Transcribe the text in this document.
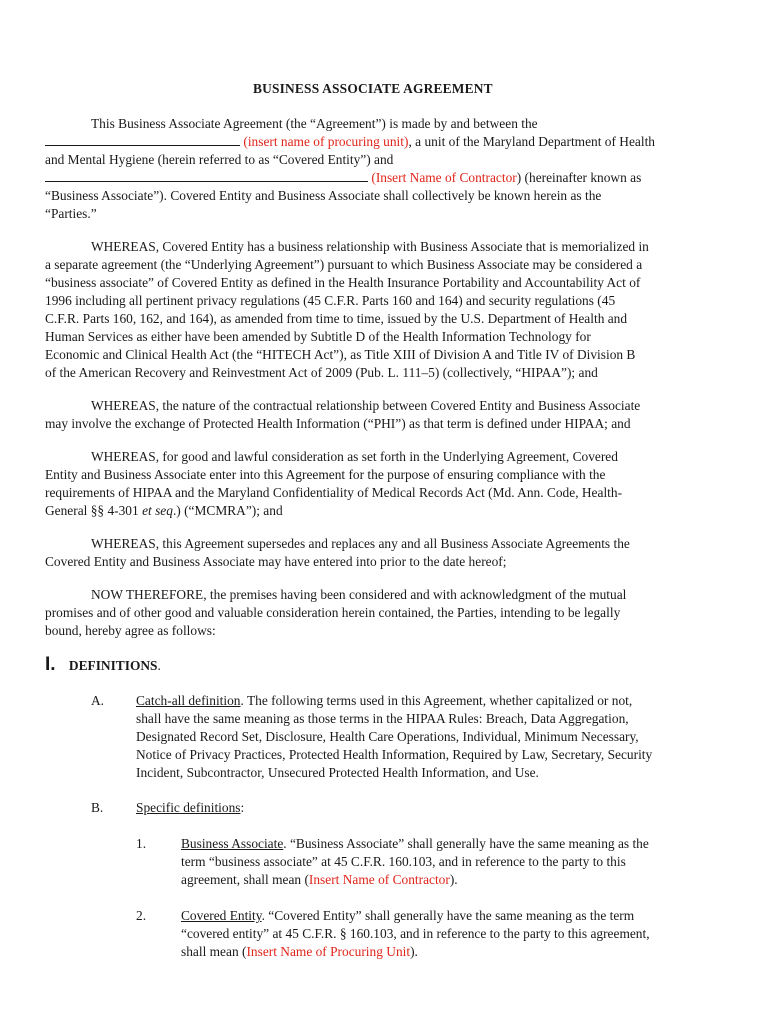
BUSINESS ASSOCIATE AGREEMENT
This Business Associate Agreement (the “Agreement”) is made by and between the
(insert name of procuring unit), a unit of the Maryland Department of Health
and Mental Hygiene (herein referred to as “Covered Entity”) and
(Insert Name of Contractor) (hereinafter known as
“Business Associate”). Covered Entity and Business Associate shall collectively be known herein as the
“Parties.”
WHEREAS, Covered Entity has a business relationship with Business Associate that is memorialized in
a separate agreement (the “Underlying Agreement”) pursuant to which Business Associate may be considered a
“business associate” of Covered Entity as defined in the Health Insurance Portability and Accountability Act of
1996 including all pertinent privacy regulations (45 C.F.R. Parts 160 and 164) and security regulations (45
C.F.R. Parts 160, 162, and 164), as amended from time to time, issued by the U.S. Department of Health and
Human Services as either have been amended by Subtitle D of the Health Information Technology for
Economic and Clinical Health Act (the “HITECH Act”), as Title XIII of Division A and Title IV of Division B
of the American Recovery and Reinvestment Act of 2009 (Pub. L. 111–5) (collectively, “HIPAA”); and
WHEREAS, the nature of the contractual relationship between Covered Entity and Business Associate
may involve the exchange of Protected Health Information (“PHI”) as that term is defined under HIPAA; and
WHEREAS, for good and lawful consideration as set forth in the Underlying Agreement, Covered
Entity and Business Associate enter into this Agreement for the purpose of ensuring compliance with the
requirements of HIPAA and the Maryland Confidentiality of Medical Records Act (Md. Ann. Code, Health-
General §§ 4-301 et seq.) (“MCMRA”); and
WHEREAS, this Agreement supersedes and replaces any and all Business Associate Agreements the
Covered Entity and Business Associate may have entered into prior to the date hereof;
NOW THEREFORE, the premises having been considered and with acknowledgment of the mutual
promises and of other good and valuable consideration herein contained, the Parties, intending to be legally
bound, hereby agree as follows:
I. DEFINITIONS.
A. Catch-all definition. The following terms used in this Agreement, whether capitalized or not,
shall have the same meaning as those terms in the HIPAA Rules: Breach, Data Aggregation,
Designated Record Set, Disclosure, Health Care Operations, Individual, Minimum Necessary,
Notice of Privacy Practices, Protected Health Information, Required by Law, Secretary, Security
Incident, Subcontractor, Unsecured Protected Health Information, and Use.
B. Specific definitions:
1.	Business Associate. “Business Associate” shall generally have the same meaning as the
term “business associate” at 45 C.F.R. 160.103, and in reference to the party to this
agreement, shall mean (Insert Name of Contractor).
2.	Covered Entity. “Covered Entity” shall generally have the same meaning as the term
“covered entity” at 45 C.F.R. § 160.103, and in reference to the party to this agreement,
shall mean (Insert Name of Procuring Unit).
